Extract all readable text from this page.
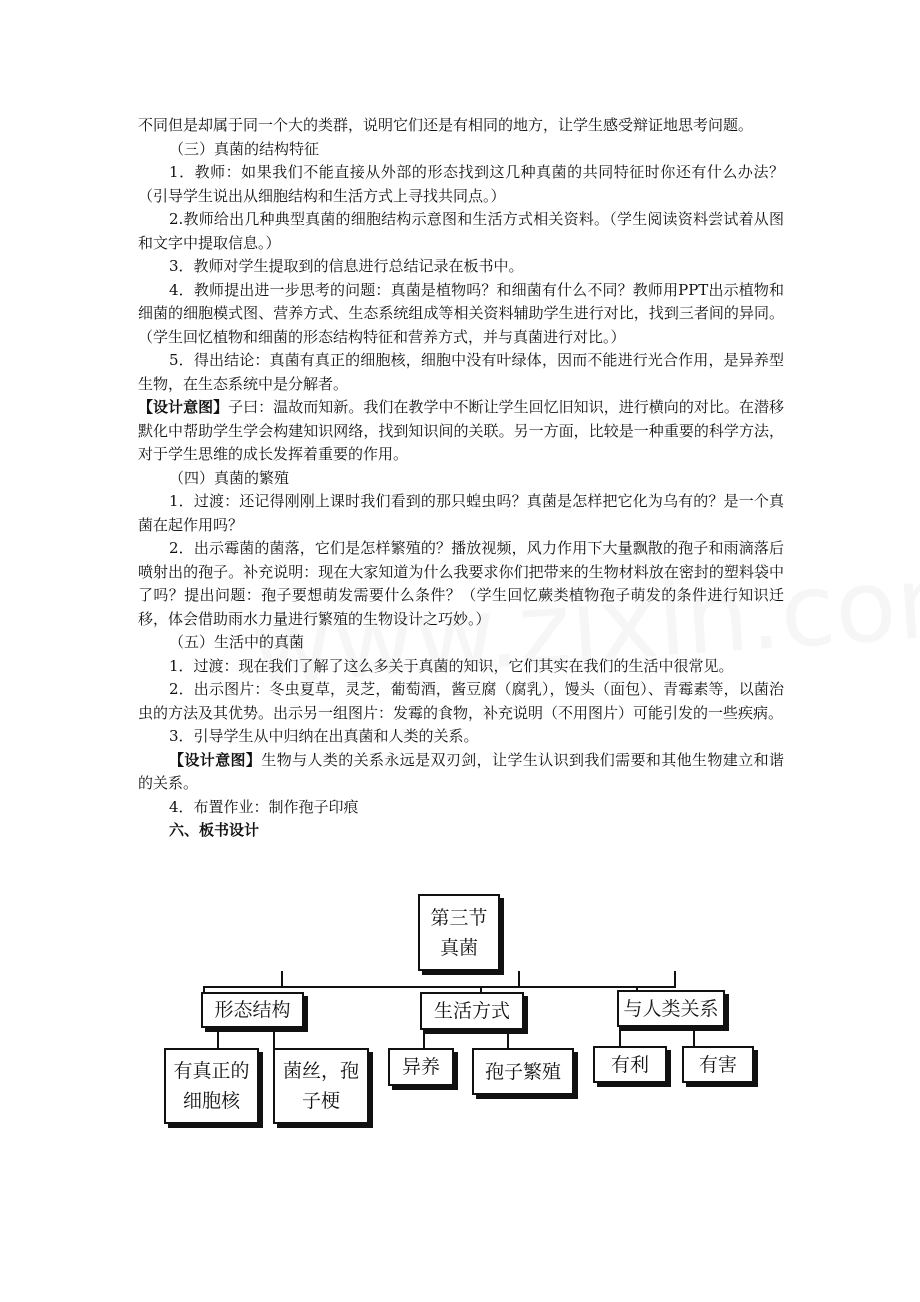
不同但是却属于同一个大的类群，说明它们还是有相同的地方，让学生感受辩证地思考问题。

（三）真菌的结构特征

1．教师：如果我们不能直接从外部的形态找到这几种真菌的共同特征时你还有什么办法？（引导学生说出从细胞结构和生活方式上寻找共同点。）

2.教师给出几种典型真菌的细胞结构示意图和生活方式相关资料。（学生阅读资料尝试着从图和文字中提取信息。）

3．教师对学生提取到的信息进行总结记录在板书中。

4．教师提出进一步思考的问题：真菌是植物吗？和细菌有什么不同？教师用PPT出示植物和细菌的细胞模式图、营养方式、生态系统组成等相关资料辅助学生进行对比，找到三者间的异同。（学生回忆植物和细菌的形态结构特征和营养方式，并与真菌进行对比。）

5．得出结论：真菌有真正的细胞核，细胞中没有叶绿体，因而不能进行光合作用，是异养型生物，在生态系统中是分解者。

【设计意图】子曰：温故而知新。我们在教学中不断让学生回忆旧知识，进行横向的对比。在潜移默化中帮助学生学会构建知识网络，找到知识间的关联。另一方面，比较是一种重要的科学方法，对于学生思维的成长发挥着重要的作用。

（四）真菌的繁殖

1．过渡：还记得刚刚上课时我们看到的那只蝗虫吗？真菌是怎样把它化为乌有的？是一个真菌在起作用吗？

2．出示霉菌的菌落，它们是怎样繁殖的？播放视频，风力作用下大量飘散的孢子和雨滴落后喷射出的孢子。补充说明：现在大家知道为什么我要求你们把带来的生物材料放在密封的塑料袋中了吗？提出问题：孢子要想萌发需要什么条件？（学生回忆蕨类植物孢子萌发的条件进行知识迁移，体会借助雨水力量进行繁殖的生物设计之巧妙。）

（五）生活中的真菌

1．过渡：现在我们了解了这么多关于真菌的知识，它们其实在我们的生活中很常见。

2．出示图片：冬虫夏草，灵芝，葡萄酒，酱豆腐（腐乳），馒头（面包）、青霉素等，以菌治虫的方法及其优势。出示另一组图片：发霉的食物，补充说明（不用图片）可能引发的一些疾病。

3．引导学生从中归纳在出真菌和人类的关系。

【设计意图】生物与人类的关系永远是双刃剑，让学生认识到我们需要和其他生物建立和谐的关系。

4．布置作业：制作孢子印痕

六、板书设计

第三节
真菌
形态结构	生活方式	与人类关系
有真正的
细胞核
菌丝，孢
子梗
异养	孢子繁殖	有利	有害
